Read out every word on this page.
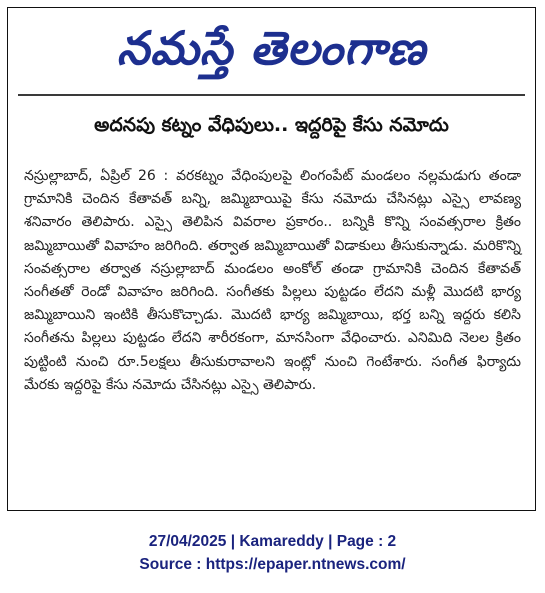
నమస్తే తెలంగాణ
అదనపు కట్నం వేధిపులు.. ఇద్దరిపై కేసు నమోదు
నస్రుల్లాబాద్, ఏప్రిల్ 26 : వరకట్నం వేధింపులపై లింగంపేట్ మండలం నల్లమడుగు తండా గ్రామానికి చెందిన కేతావత్ బన్ని, జమ్మిబాయిపై కేసు నమోదు చేసినట్లు ఎస్సై లావణ్య శనివారం తెలిపారు. ఎస్సై తెలిపిన వివరాల ప్రకారం.. బన్నికి కొన్ని సంవత్సరాల క్రితం జమ్మిబాయితో వివాహం జరిగింది. తర్వాత జమ్మిబాయితో విడాకులు తీసుకున్నాడు. మరికొన్ని సంవత్సరాల తర్వాత నస్రుల్లాబాద్ మండలం అంకోల్ తండా గ్రామానికి చెందిన కేతావత్ సంగీతతో రెండో వివాహం జరిగింది. సంగీతకు పిల్లలు పుట్టడం లేదని మళ్లీ మొదటి భార్య జమ్మిబాయిని ఇంటికి తీసుకొచ్చాడు. మొదటి భార్య జమ్మిబాయి, భర్త బన్ని ఇద్దరు కలిసి సంగీతను పిల్లలు పుట్టడం లేదని శారీరకంగా, మానసింగా వేధించారు. ఎనిమిది నెలల క్రితం పుట్టింటి నుంచి రూ.5లక్షలు తీసుకురావాలని ఇంట్లో నుంచి గెంటేశారు. సంగీత ఫిర్యాదు మేరకు ఇద్దరిపై కేసు నమోదు చేసినట్లు ఎస్సై తెలిపారు.
27/04/2025 | Kamareddy | Page : 2
Source : https://epaper.ntnews.com/
